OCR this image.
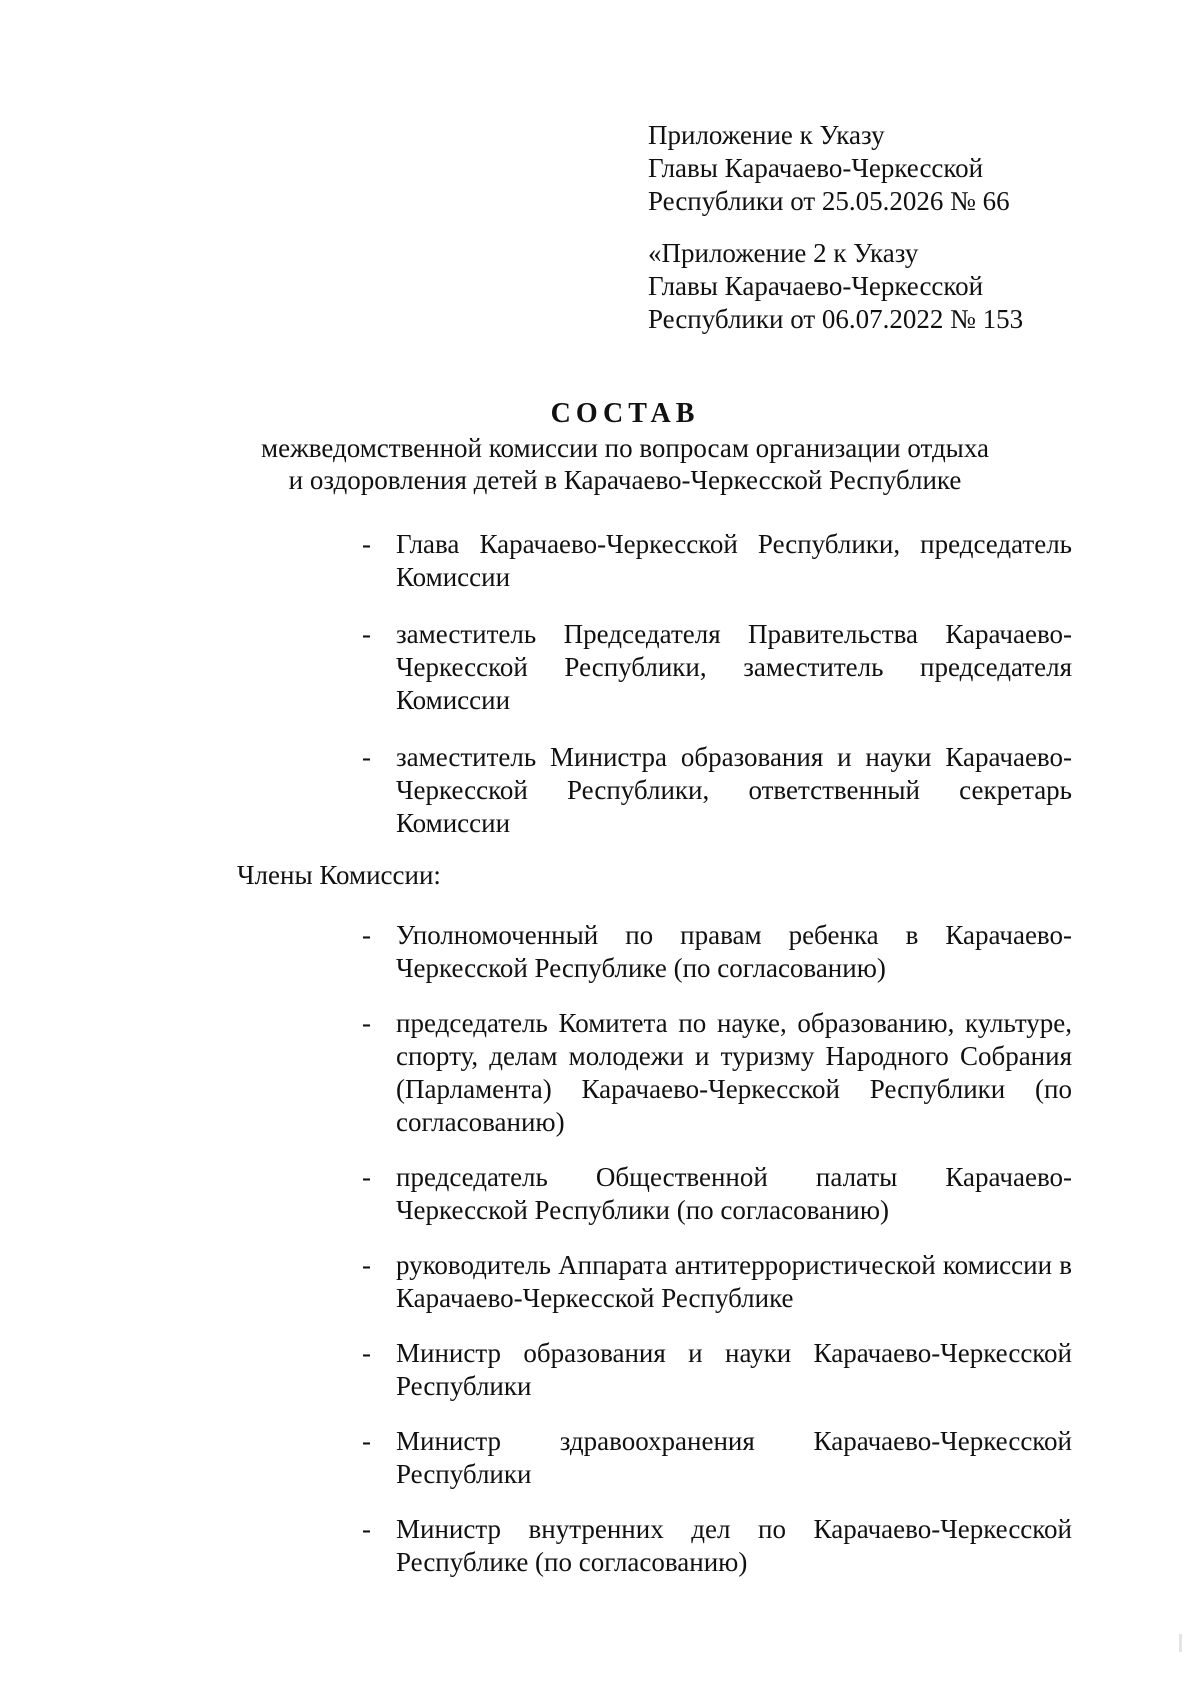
Приложение к Указу

Главы Карачаево-Черкесской

Республики от 25.05.2026 № 66

«Приложение 2 к Указу

Главы Карачаево-Черкесской

Республики от 06.07.2022 № 153

СОСТАВ

межведомственной комиссии по вопросам организации отдыха

и оздоровления детей в Карачаево-Черкесской Республике

- Глава Карачаево-Черкесской Республики, председатель Комиссии
- заместитель Председателя Правительства Карачаево-Черкесской Республики, заместитель председателя Комиссии
- заместитель Министра образования и науки Карачаево-Черкесской Республики, ответственный секретарь Комиссии

Члены Комиссии:

- Уполномоченный по правам ребенка в Карачаево-Черкесской Республике (по согласованию)
- председатель Комитета по науке, образованию, культуре, спорту, делам молодежи и туризму Народного Собрания (Парламента) Карачаево-Черкесской Республики (по согласованию)
- председатель Общественной палаты Карачаево-Черкесской Республики (по согласованию)
- руководитель Аппарата антитеррористической комиссии в Карачаево-Черкесской Республике
- Министр образования и науки Карачаево-Черкесской Республики
- Министр здравоохранения Карачаево-Черкесской Республики
- Министр внутренних дел по Карачаево-Черкесской Республике (по согласованию)
